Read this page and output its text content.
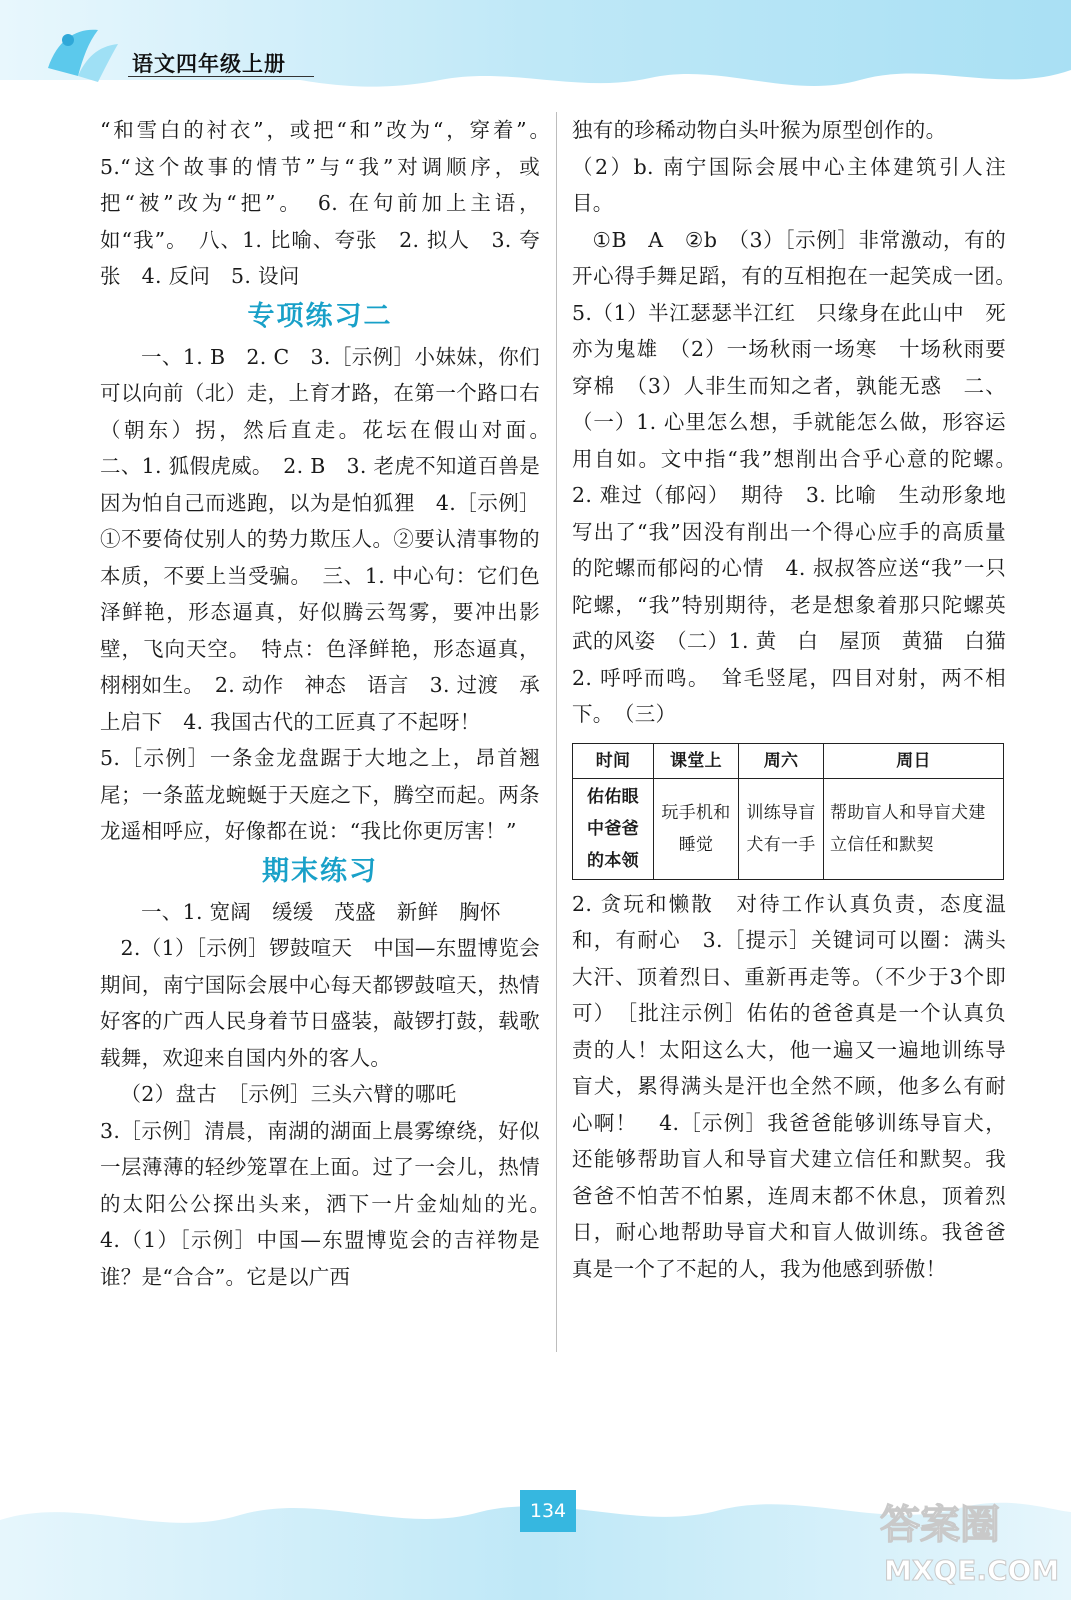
语文四年级上册
“和雪白的衬衣”，或把“和”改为“，穿着”。　5.“这个故事的情节”与“我”对调顺序，或把“被”改为“把”。　6. 在句前加上主语，如“我”。　八、1. 比喻、夸张　2. 拟人　3. 夸张　4. 反问　5. 设问
专项练习二
一、1. B　2. C　3.［示例］小妹妹，你们可以向前（北）走，上育才路，在第一个路口右（朝东）拐，然后直走。花坛在假山对面。　二、1. 狐假虎威。　2. B　3. 老虎不知道百兽是因为怕自己而逃跑，以为是怕狐狸　4.［示例］①不要倚仗别人的势力欺压人。②要认清事物的本质，不要上当受骗。　三、1. 中心句：它们色泽鲜艳，形态逼真，好似腾云驾雾，要冲出影壁，飞向天空。　特点：色泽鲜艳，形态逼真，栩栩如生。　2. 动作　神态　语言　3. 过渡　承上启下　4. 我国古代的工匠真了不起呀！
5.［示例］一条金龙盘踞于大地之上，昂首翘尾；一条蓝龙蜿蜒于天庭之下，腾空而起。两条龙遥相呼应，好像都在说：“我比你更厉害！”
期末练习
一、1. 宽阔　缓缓　茂盛　新鲜　胸怀
2.（1）［示例］锣鼓喧天　中国—东盟博览会期间，南宁国际会展中心每天都锣鼓喧天，热情好客的广西人民身着节日盛装，敲锣打鼓，载歌载舞，欢迎来自国内外的客人。
（2）盘古　［示例］三头六臂的哪吒
3.［示例］清晨，南湖的湖面上晨雾缭绕，好似一层薄薄的轻纱笼罩在上面。过了一会儿，热情的太阳公公探出头来，洒下一片金灿灿的光。　4.（1）［示例］中国—东盟博览会的吉祥物是谁？是“合合”。它是以广西
独有的珍稀动物白头叶猴为原型创作的。
（2）b. 南宁国际会展中心主体建筑引人注目。
①B　A　②b　（3）［示例］非常激动，有的开心得手舞足蹈，有的互相抱在一起笑成一团。　5.（1）半江瑟瑟半江红　只缘身在此山中　死亦为鬼雄　（2）一场秋雨一场寒　十场秋雨要穿棉　（3）人非生而知之者，孰能无惑　二、（一）1. 心里怎么想，手就能怎么做，形容运用自如。文中指“我”想削出合乎心意的陀螺。　2. 难过（郁闷）　期待　3. 比喻　生动形象地写出了“我”因没有削出一个得心应手的高质量的陀螺而郁闷的心情　4. 叔叔答应送“我”一只陀螺，“我”特别期待，老是想象着那只陀螺英武的风姿　（二）1. 黄　白　屋顶　黄猫　白猫　2. 呼呼而鸣。　耸毛竖尾，四目对射，两不相下。　（三）
时间	课堂上	周六	周日
佑佑眼中爸爸的本领	玩手机和睡觉	训练导盲犬有一手	帮助盲人和导盲犬建立信任和默契
2. 贪玩和懒散　对待工作认真负责，态度温和，有耐心　3.［提示］关键词可以圈：满头大汗、顶着烈日、重新再走等。（不少于3个即可）　［批注示例］佑佑的爸爸真是一个认真负责的人！太阳这么大，他一遍又一遍地训练导盲犬，累得满头是汗也全然不顾，他多么有耐心啊！　4.［示例］我爸爸能够训练导盲犬，还能够帮助盲人和导盲犬建立信任和默契。我爸爸不怕苦不怕累，连周末都不休息，顶着烈日，耐心地帮助导盲犬和盲人做训练。我爸爸真是一个了不起的人，我为他感到骄傲！
134	答案圈
MXQE.COM
